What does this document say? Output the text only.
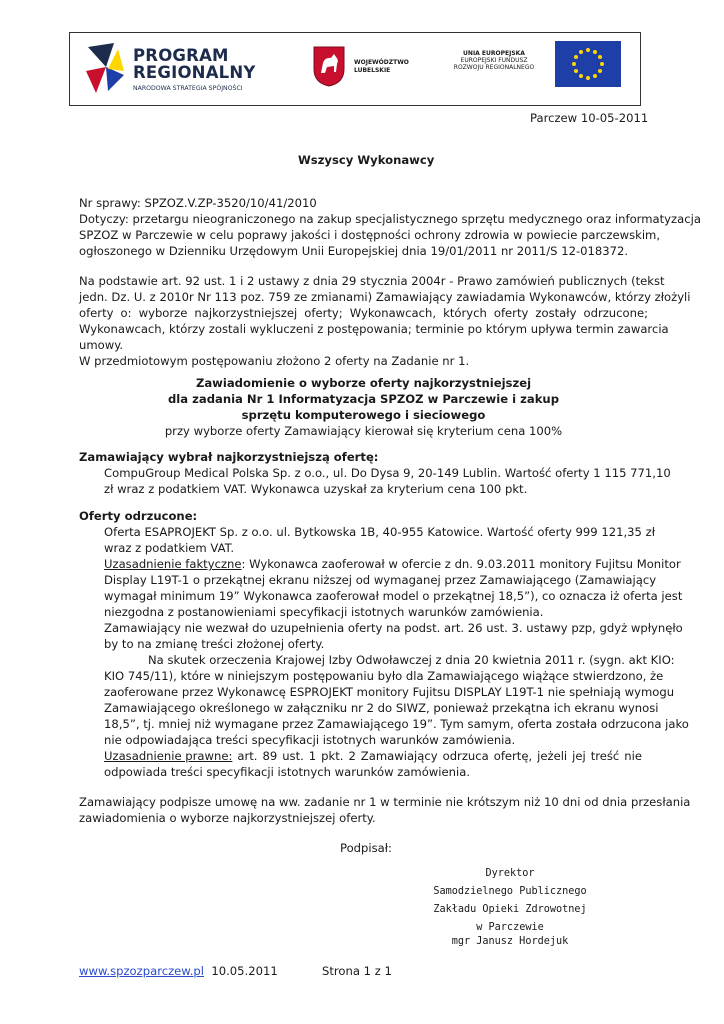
PROGRAM
REGIONALNY
NARODOWA STRATEGIA SPÓJNOŚCI
WOJEWÓDZTWO
LUBELSKIE
UNIA EUROPEJSKA
EUROPEJSKI FUNDUSZ
ROZWOJU REGIONALNEGO
Parczew 10-05-2011
Wszyscy Wykonawcy
Nr sprawy: SPZOZ.V.ZP-3520/10/41/2010
Dotyczy: przetargu nieograniczonego na zakup specjalistycznego sprzętu medycznego oraz informatyzacja
SPZOZ w Parczewie w celu poprawy jakości i dostępności ochrony zdrowia w powiecie parczewskim,
ogłoszonego w Dzienniku Urzędowym Unii Europejskiej dnia 19/01/2011 nr 2011/S 12-018372.
Na podstawie art. 92 ust. 1 i 2 ustawy z dnia 29 stycznia 2004r - Prawo zamówień publicznych (tekst
jedn. Dz. U. z 2010r Nr 113 poz. 759 ze zmianami) Zamawiający zawiadamia Wykonawców, którzy złożyli
oferty o: wyborze najkorzystniejszej oferty; Wykonawcach, których oferty zostały odrzucone;
Wykonawcach, którzy zostali wykluczeni z postępowania; terminie po którym upływa termin zawarcia
umowy.
W przedmiotowym postępowaniu złożono 2 oferty na Zadanie nr 1.
Zawiadomienie o wyborze oferty najkorzystniejszej
dla zadania Nr 1 Informatyzacja SPZOZ w Parczewie i zakup
sprzętu komputerowego i sieciowego
przy wyborze oferty Zamawiający kierował się kryterium cena 100%
Zamawiający wybrał najkorzystniejszą ofertę:
CompuGroup Medical Polska Sp. z o.o., ul. Do Dysa 9, 20-149 Lublin. Wartość oferty 1 115 771,10
zł wraz z podatkiem VAT. Wykonawca uzyskał za kryterium cena 100 pkt.
Oferty odrzucone:
Oferta ESAPROJEKT Sp. z o.o. ul. Bytkowska 1B, 40-955 Katowice. Wartość oferty 999 121,35 zł
wraz z podatkiem VAT.
Uzasadnienie faktyczne: Wykonawca zaoferował w ofercie z dn. 9.03.2011 monitory Fujitsu Monitor
Display L19T-1 o przekątnej ekranu niższej od wymaganej przez Zamawiającego (Zamawiający
wymagał minimum 19” Wykonawca zaoferował model o przekątnej 18,5”), co oznacza iż oferta jest
niezgodna z postanowieniami specyfikacji istotnych warunków zamówienia.
Zamawiający nie wezwał do uzupełnienia oferty na podst. art. 26 ust. 3. ustawy pzp, gdyż wpłynęło
by to na zmianę treści złożonej oferty.
Na skutek orzeczenia Krajowej Izby Odwoławczej z dnia 20 kwietnia 2011 r. (sygn. akt KIO:
KIO 745/11), które w niniejszym postępowaniu było dla Zamawiającego wiążące stwierdzono, że
zaoferowane przez Wykonawcę ESPROJEKT monitory Fujitsu DISPLAY L19T-1 nie spełniają wymogu
Zamawiającego określonego w załączniku nr 2 do SIWZ, ponieważ przekątna ich ekranu wynosi
18,5”, tj. mniej niż wymagane przez Zamawiającego 19”. Tym samym, oferta została odrzucona jako
nie odpowiadająca treści specyfikacji istotnych warunków zamówienia.
Uzasadnienie prawne: art. 89 ust. 1 pkt. 2 Zamawiający odrzuca ofertę, jeżeli jej treść nie
odpowiada treści specyfikacji istotnych warunków zamówienia.
Zamawiający podpisze umowę na ww. zadanie nr 1 w terminie nie krótszym niż 10 dni od dnia przesłania
zawiadomienia o wyborze najkorzystniejszej oferty.
Podpisał:
Dyrektor
Samodzielnego Publicznego
Zakładu Opieki Zdrowotnej
w Parczewie
mgr Janusz Hordejuk
www.spzozparczew.pl 10.05.2011	Strona 1 z 1
